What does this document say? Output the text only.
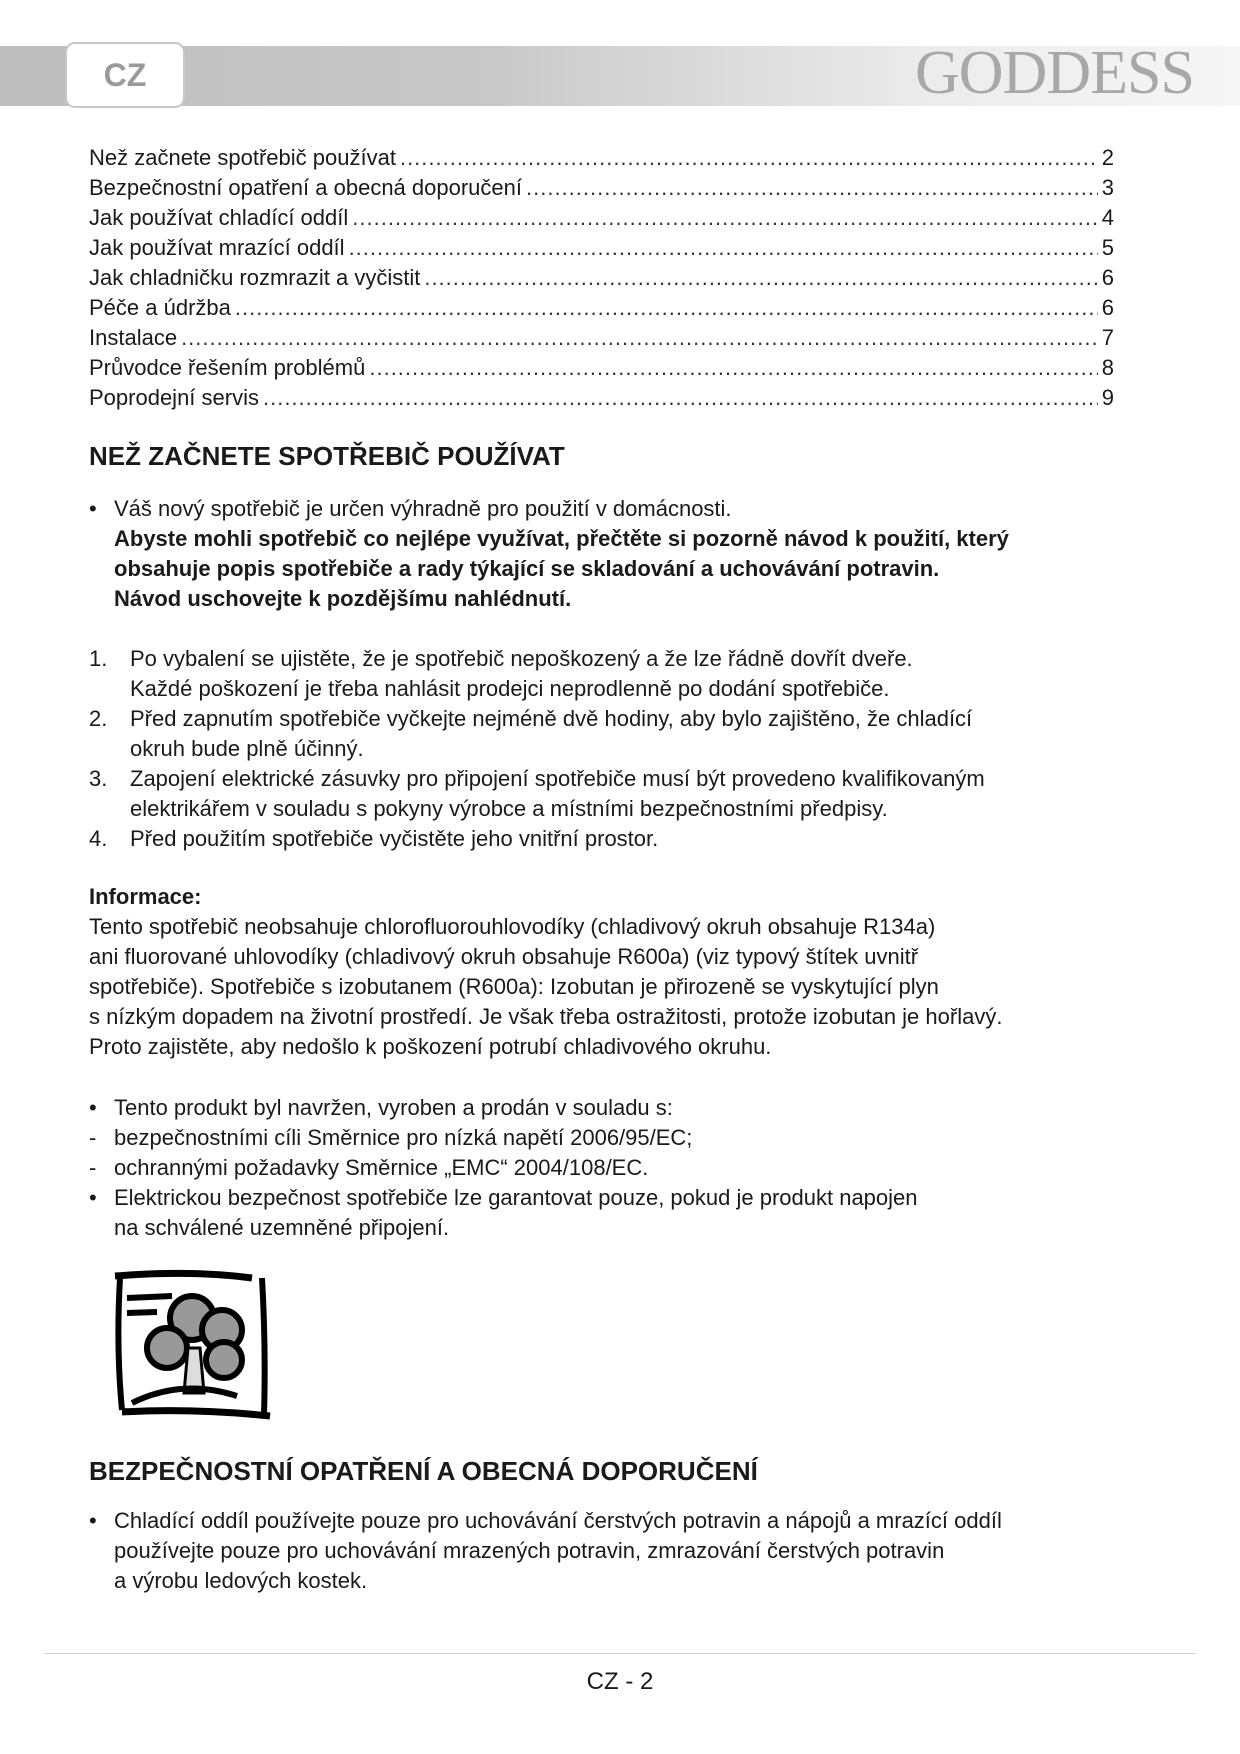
CZ	GODDESS
Než začnete spotřebič používat .....	2
Bezpečnostní opatření a obecná doporučení .....	3
Jak používat chladící oddíl .....	4
Jak používat mrazící oddíl .....	5
Jak chladničku rozmrazit a vyčistit .....	6
Péče a údržba .....	6
Instalace .....	7
Průvodce řešením problémů .....	8
Poprodejní servis .....	9
NEŽ ZAČNETE SPOTŘEBIČ POUŽÍVAT
• Váš nový spotřebič je určen výhradně pro použití v domácnosti.
Abyste mohli spotřebič co nejlépe využívat, přečtěte si pozorně návod k použití, který
obsahuje popis spotřebiče a rady týkající se skladování a uchovávání potravin.
Návod uschovejte k pozdějšímu nahlédnutí.
1.	Po vybalení se ujistěte, že je spotřebič nepoškozený a že lze řádně dovřít dveře.
Každé poškození je třeba nahlásit prodejci neprodlenně po dodání spotřebiče.
2.	Před zapnutím spotřebiče vyčkejte nejméně dvě hodiny, aby bylo zajištěno, že chladící
okruh bude plně účinný.
3.	Zapojení elektrické zásuvky pro připojení spotřebiče musí být provedeno kvalifikovaným
elektrikářem v souladu s pokyny výrobce a místními bezpečnostními předpisy.
4.	Před použitím spotřebiče vyčistěte jeho vnitřní prostor.
Informace:
Tento spotřebič neobsahuje chlorofluorouhlovodíky (chladivový okruh obsahuje R134a)
ani fluorované uhlovodíky (chladivový okruh obsahuje R600a) (viz typový štítek uvnitř
spotřebiče). Spotřebiče s izobutanem (R600a): Izobutan je přirozeně se vyskytující plyn
s nízkým dopadem na životní prostředí. Je však třeba ostražitosti, protože izobutan je hořlavý.
Proto zajistěte, aby nedošlo k poškození potrubí chladivového okruhu.
• Tento produkt byl navržen, vyroben a prodán v souladu s:
- bezpečnostními cíli Směrnice pro nízká napětí 2006/95/EC;
- ochrannými požadavky Směrnice „EMC“ 2004/108/EC.
• Elektrickou bezpečnost spotřebiče lze garantovat pouze, pokud je produkt napojen
na schválené uzemněné připojení.
BEZPEČNOSTNÍ OPATŘENÍ A OBECNÁ DOPORUČENÍ
• Chladící oddíl používejte pouze pro uchovávání čerstvých potravin a nápojů a mrazící oddíl
používejte pouze pro uchovávání mrazených potravin, zmrazování čerstvých potravin
a výrobu ledových kostek.
CZ - 2
